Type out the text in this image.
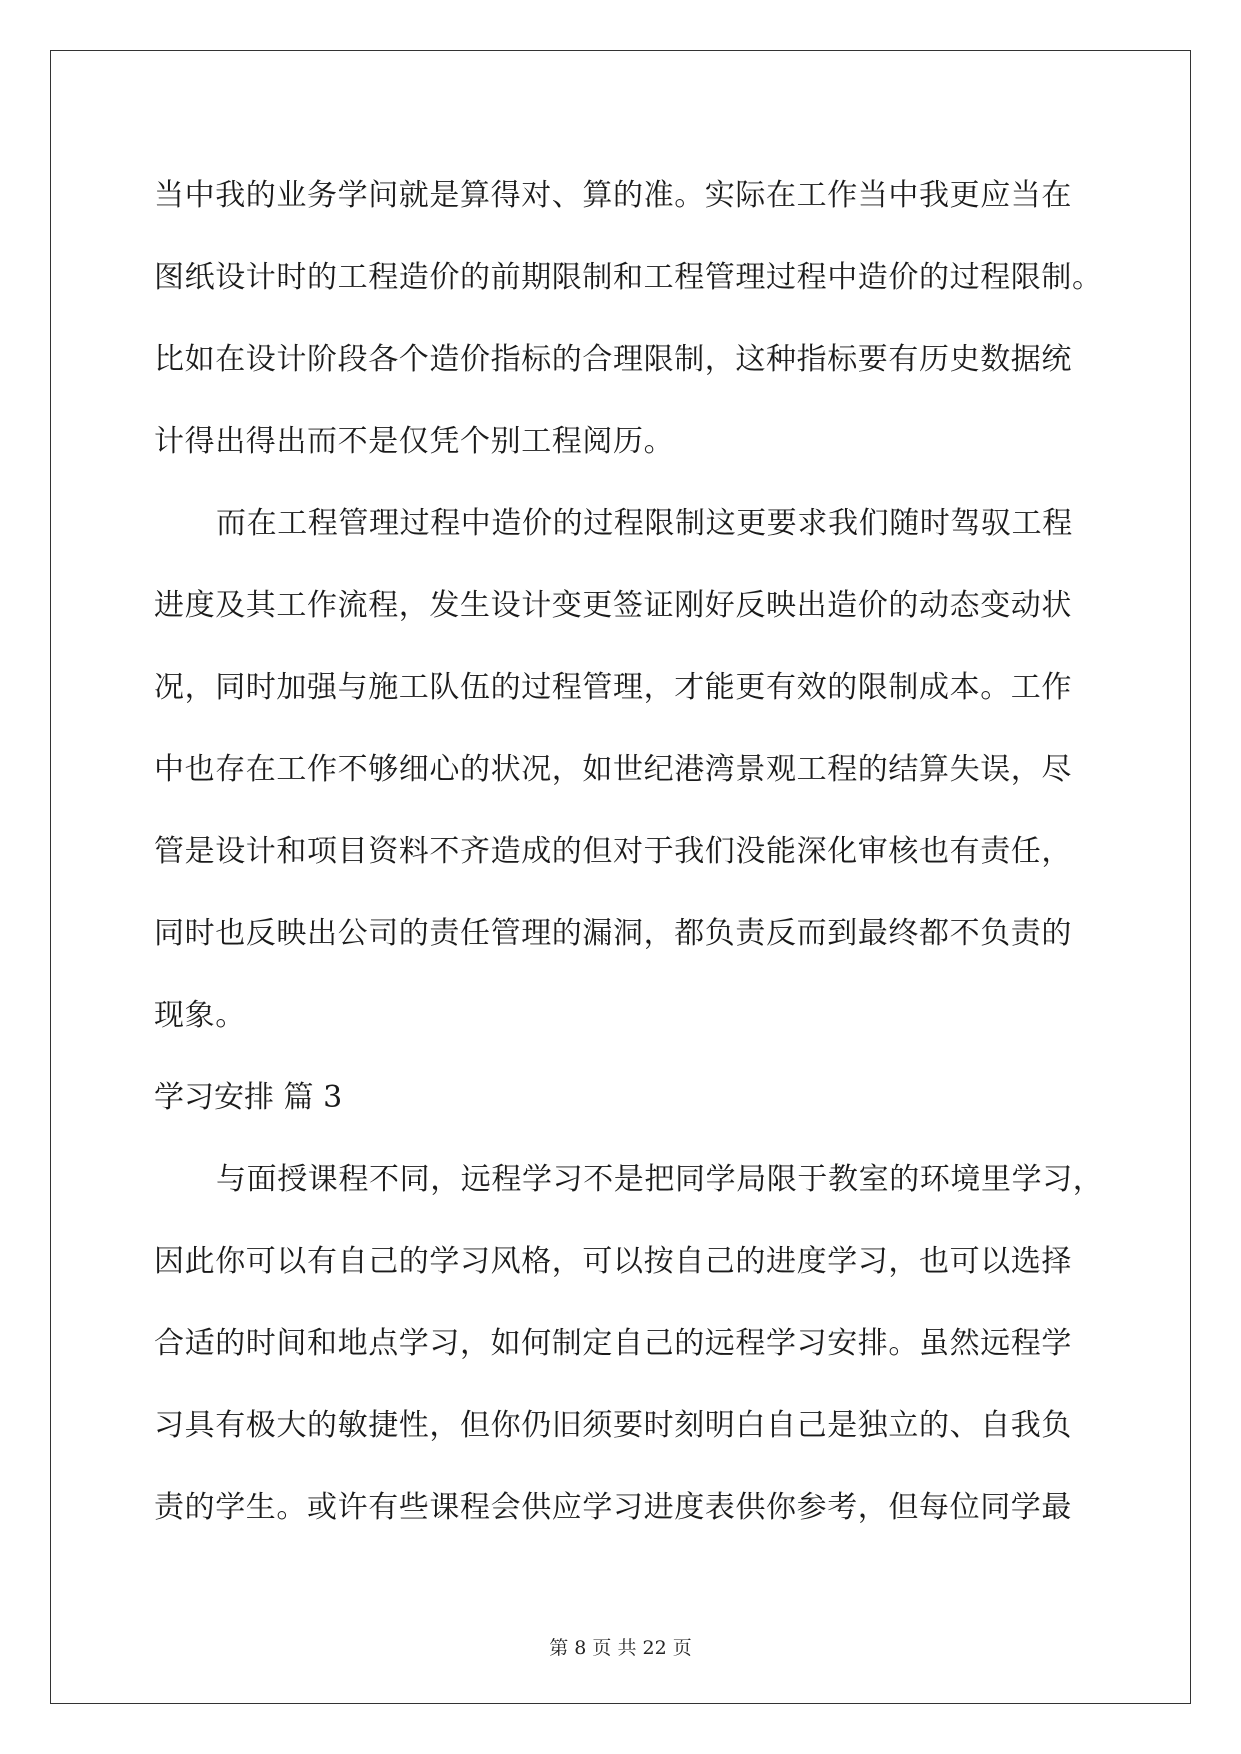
当中我的业务学问就是算得对、算的准。实际在工作当中我更应当在
图纸设计时的工程造价的前期限制和工程管理过程中造价的过程限制。
比如在设计阶段各个造价指标的合理限制，这种指标要有历史数据统
计得出得出而不是仅凭个别工程阅历。
而在工程管理过程中造价的过程限制这更要求我们随时驾驭工程
进度及其工作流程，发生设计变更签证刚好反映出造价的动态变动状
况，同时加强与施工队伍的过程管理，才能更有效的限制成本。工作
中也存在工作不够细心的状况，如世纪港湾景观工程的结算失误，尽
管是设计和项目资料不齐造成的但对于我们没能深化审核也有责任，
同时也反映出公司的责任管理的漏洞，都负责反而到最终都不负责的
现象。
学习安排 篇 3
与面授课程不同，远程学习不是把同学局限于教室的环境里学习，
因此你可以有自己的学习风格，可以按自己的进度学习，也可以选择
合适的时间和地点学习，如何制定自己的远程学习安排。虽然远程学
习具有极大的敏捷性，但你仍旧须要时刻明白自己是独立的、自我负
责的学生。或许有些课程会供应学习进度表供你参考，但每位同学最
第 8 页 共 22 页
